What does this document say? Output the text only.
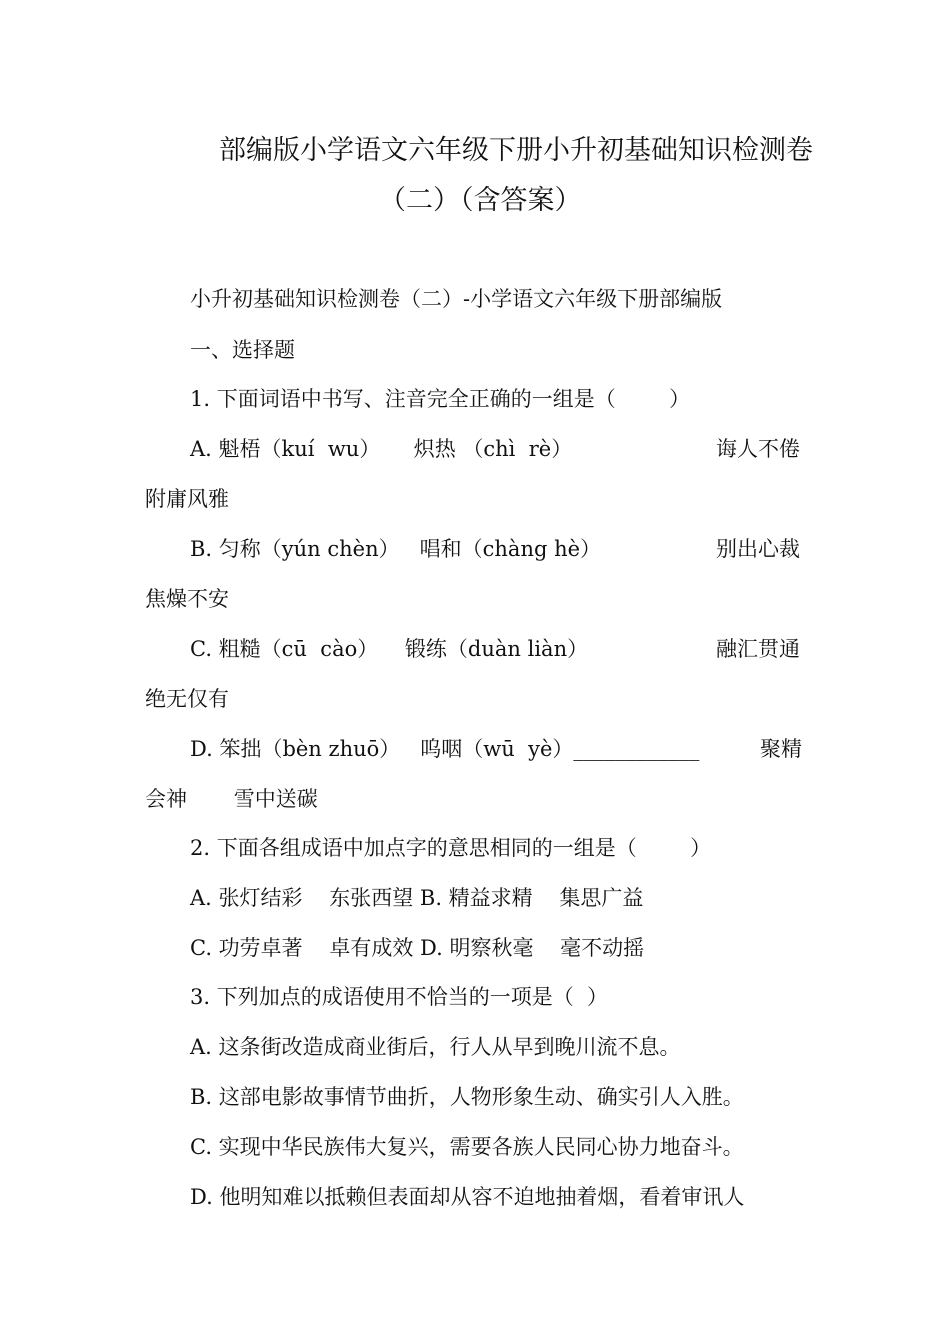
部编版小学语文六年级下册小升初基础知识检测卷
（二）（含答案）
小升初基础知识检测卷（二）-小学语文六年级下册部编版
一、选择题
1. 下面词语中书写、注音完全正确的一组是（        ）
A. 魁梧（kuí  wu）     炽热 （chì  rè）	诲人不倦
附庸风雅
B. 匀称（yún chèn）   唱和（chàng hè）	别出心裁
焦燥不安
C. 粗糙（cū  cào）    锻练（duàn liàn）	融汇贯通
绝无仅有
D. 笨拙（bèn zhuō）   呜咽（wū  yè）____________	聚精
会神       雪中送碳
2. 下面各组成语中加点字的意思相同的一组是（        ）
A. 张灯结彩    东张西望 B. 精益求精    集思广益
C. 功劳卓著    卓有成效 D. 明察秋毫    毫不动摇
3. 下列加点的成语使用不恰当的一项是（  ）
A. 这条街改造成商业街后，行人从早到晚川流不息。
B. 这部电影故事情节曲折，人物形象生动、确实引人入胜。
C. 实现中华民族伟大复兴，需要各族人民同心协力地奋斗。
D. 他明知难以抵赖但表面却从容不迫地抽着烟，看着审讯人
